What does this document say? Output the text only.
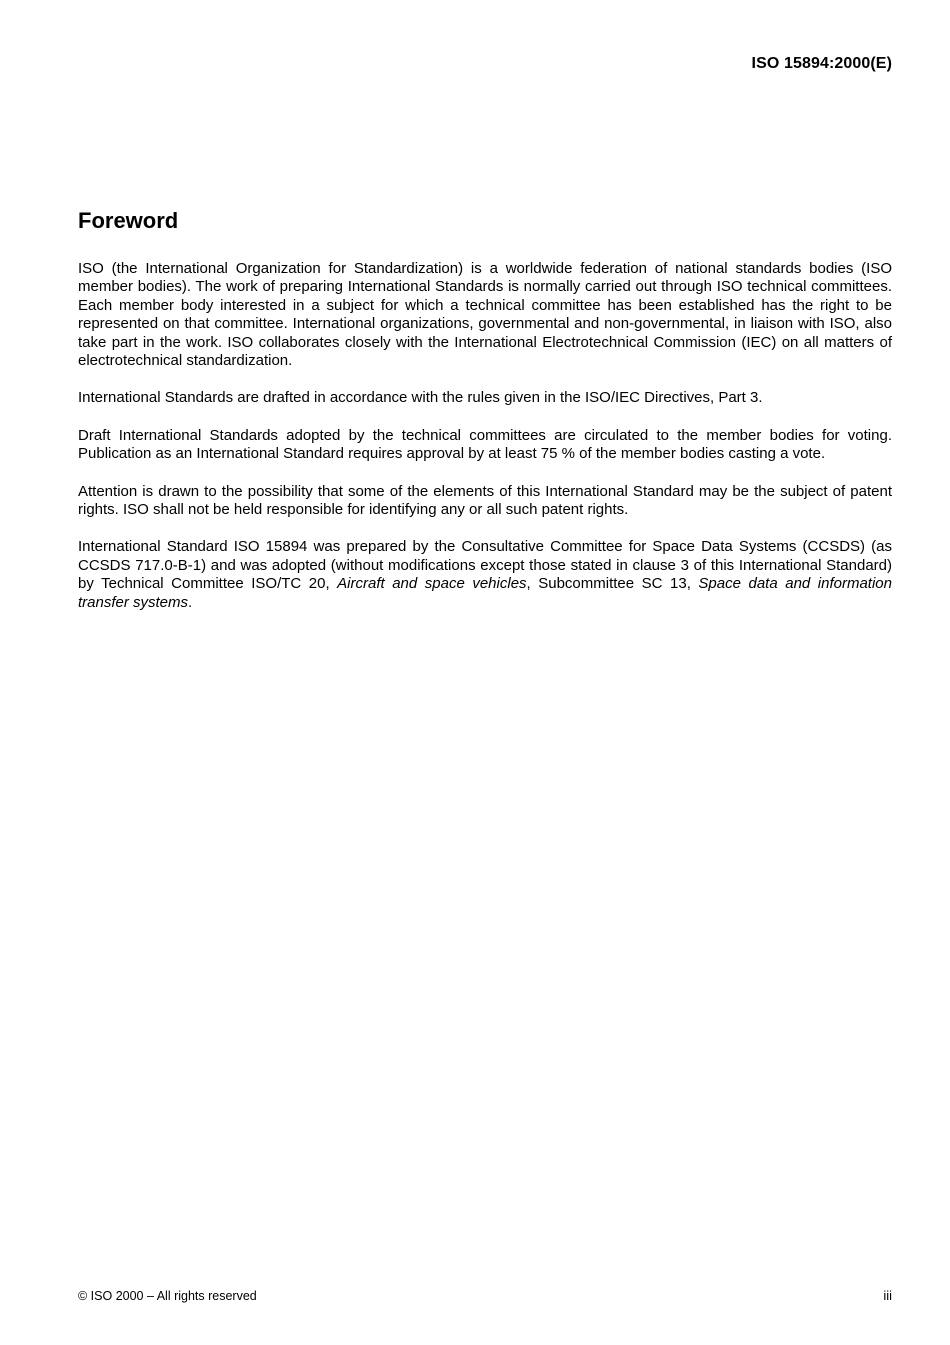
ISO 15894:2000(E)
Foreword

ISO (the International Organization for Standardization) is a worldwide federation of national standards bodies (ISO member bodies). The work of preparing International Standards is normally carried out through ISO technical committees. Each member body interested in a subject for which a technical committee has been established has the right to be represented on that committee. International organizations, governmental and non-governmental, in liaison with ISO, also take part in the work. ISO collaborates closely with the International Electrotechnical Commission (IEC) on all matters of electrotechnical standardization.

International Standards are drafted in accordance with the rules given in the ISO/IEC Directives, Part 3.

Draft International Standards adopted by the technical committees are circulated to the member bodies for voting. Publication as an International Standard requires approval by at least 75 % of the member bodies casting a vote.

Attention is drawn to the possibility that some of the elements of this International Standard may be the subject of patent rights. ISO shall not be held responsible for identifying any or all such patent rights.

International Standard ISO 15894 was prepared by the Consultative Committee for Space Data Systems (CCSDS) (as CCSDS 717.0-B-1) and was adopted (without modifications except those stated in clause 3 of this International Standard) by Technical Committee ISO/TC 20, Aircraft and space vehicles, Subcommittee SC 13, Space data and information transfer systems.

© ISO 2000 – All rights reserved	iii
